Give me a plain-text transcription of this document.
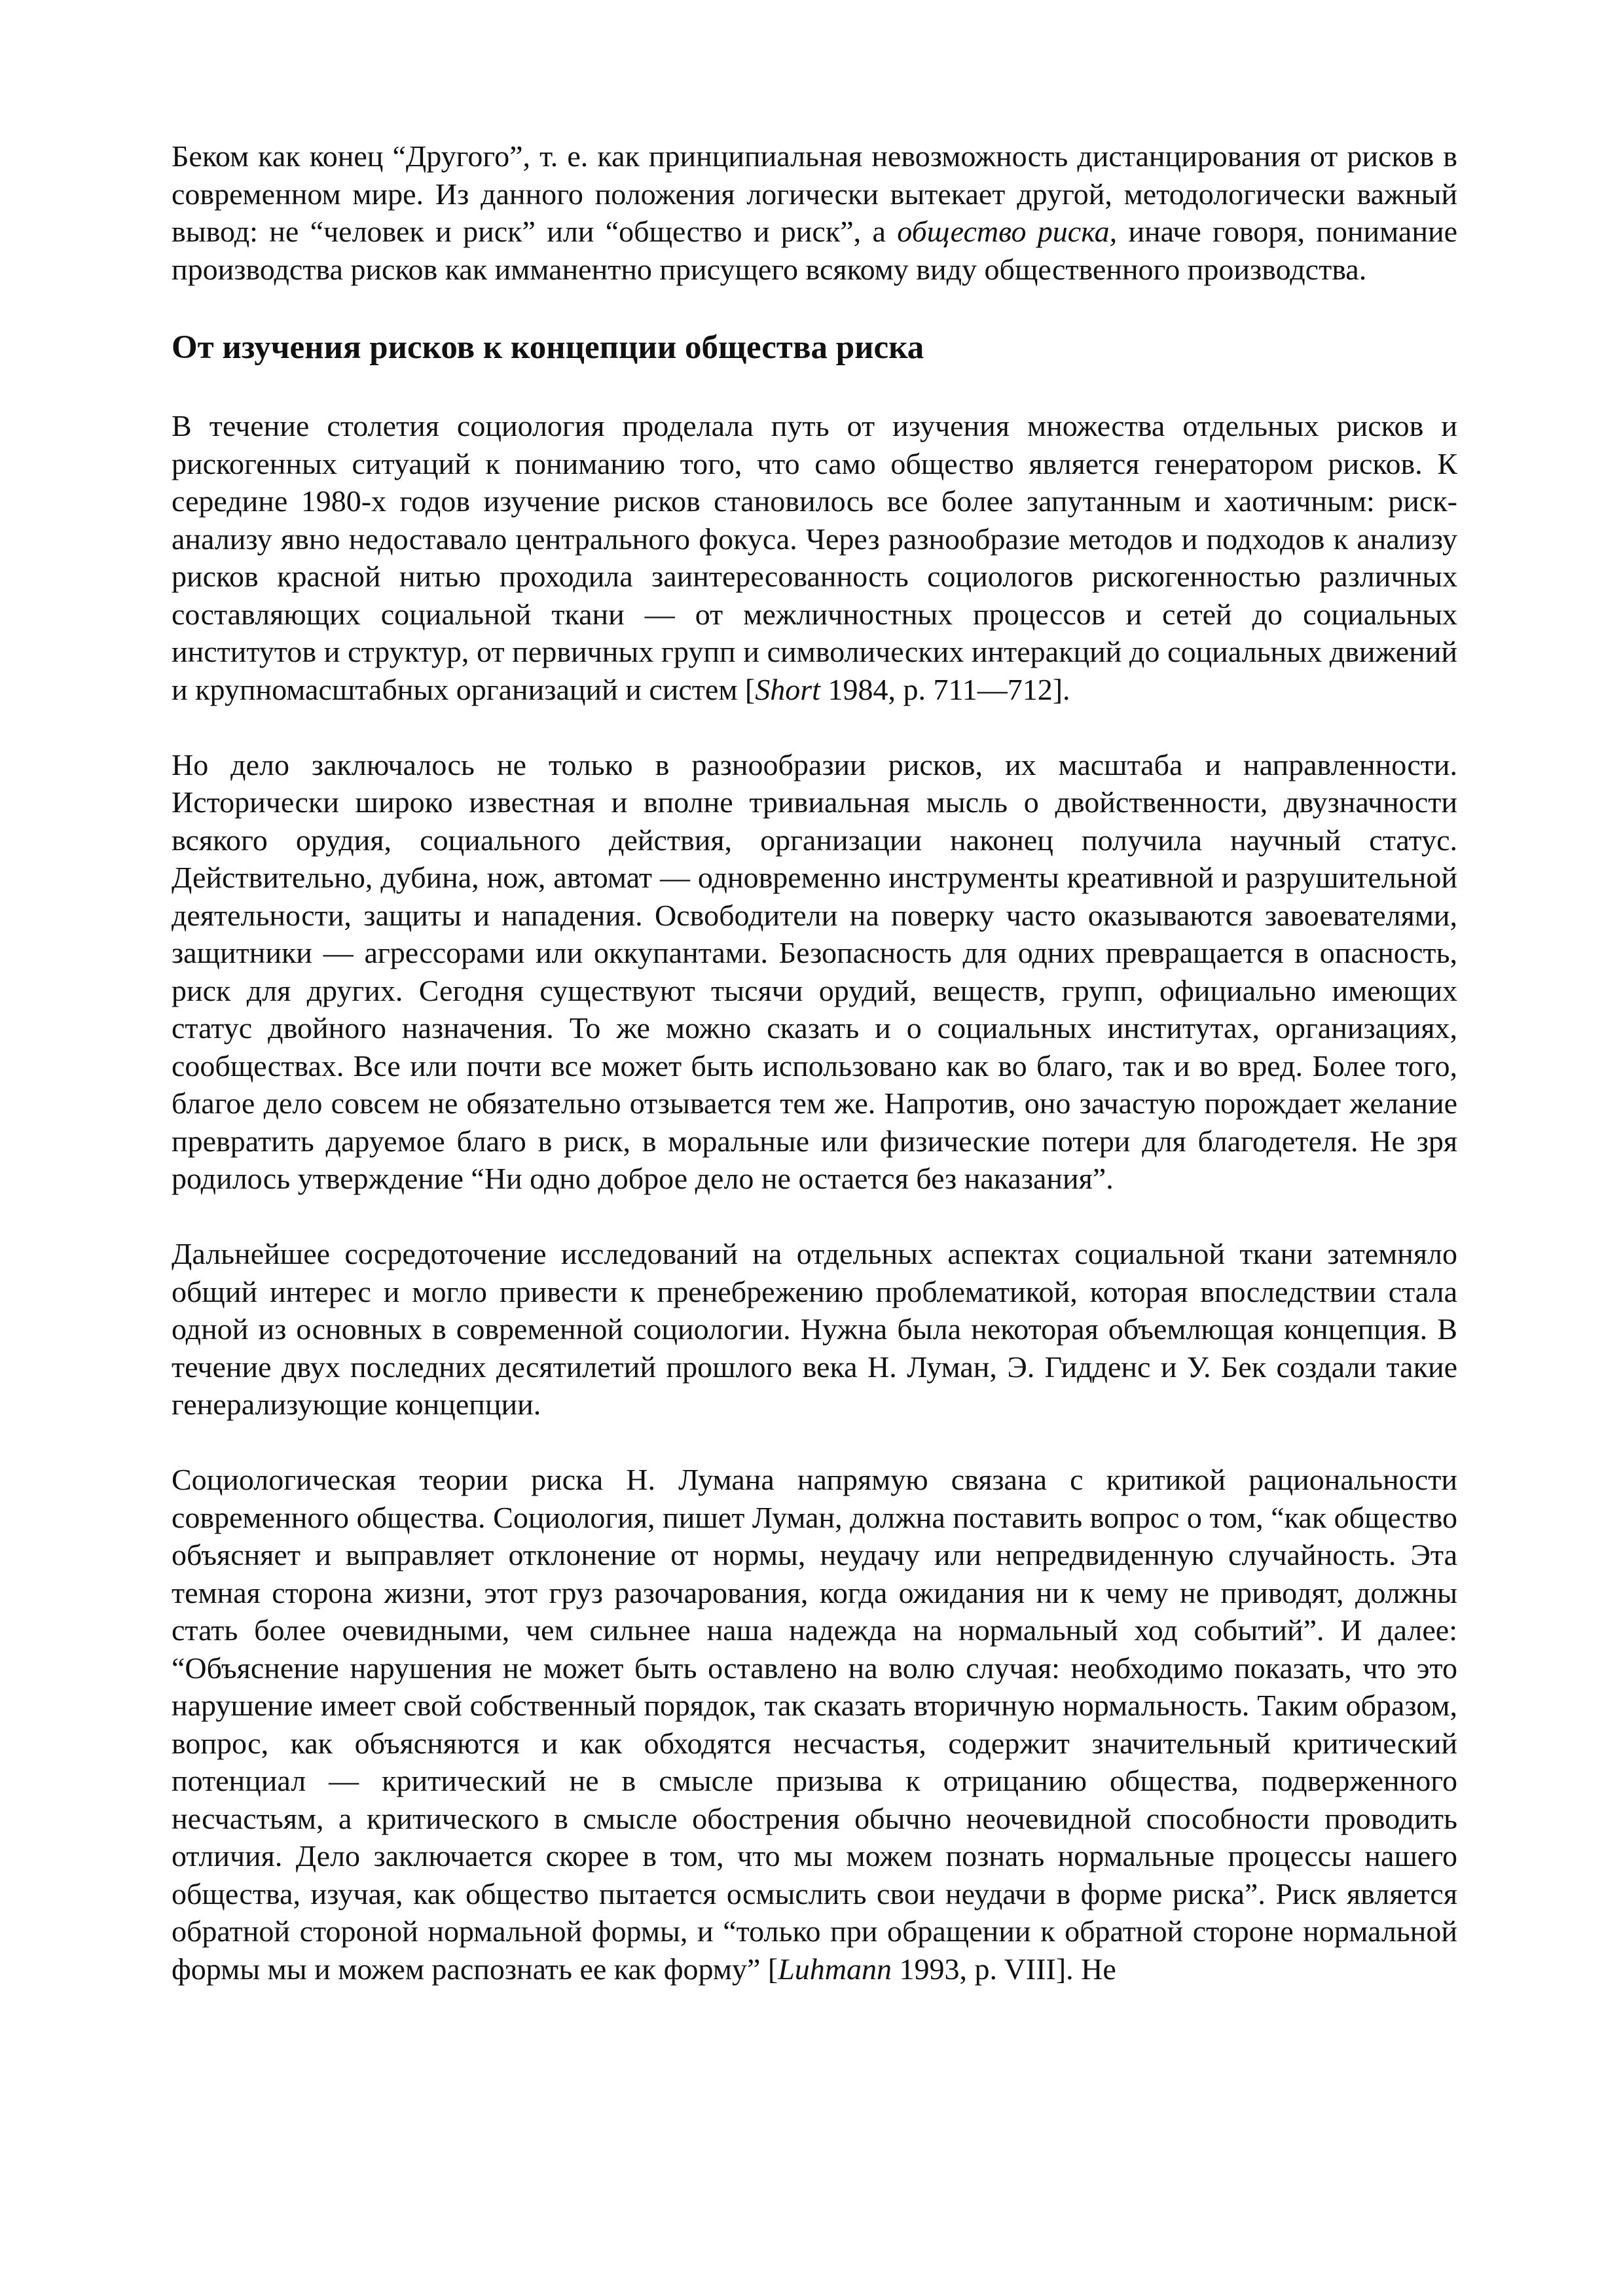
Беком как конец “Другого”, т. е. как принципиальная невозможность дистанцирования от рисков в современном мире. Из данного положения логически вытекает другой, методологически важный вывод: не “человек и риск” или “общество и риск”, а общество риска, иначе говоря, понимание производства рисков как имманентно присущего всякому виду общественного производства.

От изучения рисков к концепции общества риска

В течение столетия социология проделала путь от изучения множества отдельных рисков и рискогенных ситуаций к пониманию того, что само общество является генератором рисков. К середине 1980-х годов изучение рисков становилось все более запутанным и хаотичным: риск-анализу явно недоставало центрального фокуса. Через разнообразие методов и подходов к анализу рисков красной нитью проходила заинтересованность социологов рискогенностью различных составляющих социальной ткани — от межличностных процессов и сетей до социальных институтов и структур, от первичных групп и символических интеракций до социальных движений и крупномасштабных организаций и систем [Short 1984, p. 711—712].

Но дело заключалось не только в разнообразии рисков, их масштаба и направленности. Исторически широко известная и вполне тривиальная мысль о двойственности, двузначности всякого орудия, социального действия, организации наконец получила научный статус. Действительно, дубина, нож, автомат — одновременно инструменты креативной и разрушительной деятельности, защиты и нападения. Освободители на поверку часто оказываются завоевателями, защитники — агрессорами или оккупантами. Безопасность для одних превращается в опасность, риск для других. Сегодня существуют тысячи орудий, веществ, групп, официально имеющих статус двойного назначения. То же можно сказать и о социальных институтах, организациях, сообществах. Все или почти все может быть использовано как во благо, так и во вред. Более того, благое дело совсем не обязательно отзывается тем же. Напротив, оно зачастую порождает желание превратить даруемое благо в риск, в моральные или физические потери для благодетеля. Не зря родилось утверждение “Ни одно доброе дело не остается без наказания”.

Дальнейшее сосредоточение исследований на отдельных аспектах социальной ткани затемняло общий интерес и могло привести к пренебрежению проблематикой, которая впоследствии стала одной из основных в современной социологии. Нужна была некоторая объемлющая концепция. В течение двух последних десятилетий прошлого века Н. Луман, Э. Гидденс и У. Бек создали такие генерализующие концепции.

Социологическая теории риска Н. Лумана напрямую связана с критикой рациональности современного общества. Социология, пишет Луман, должна поставить вопрос о том, “как общество объясняет и выправляет отклонение от нормы, неудачу или непредвиденную случайность. Эта темная сторона жизни, этот груз разочарования, когда ожидания ни к чему не приводят, должны стать более очевидными, чем сильнее наша надежда на нормальный ход событий”. И далее: “Объяснение нарушения не может быть оставлено на волю случая: необходимо показать, что это нарушение имеет свой собственный порядок, так сказать вторичную нормальность. Таким образом, вопрос, как объясняются и как обходятся несчастья, содержит значительный критический потенциал — критический не в смысле призыва к отрицанию общества, подверженного несчастьям, а критического в смысле обострения обычно неочевидной способности проводить отличия. Дело заключается скорее в том, что мы можем познать нормальные процессы нашего общества, изучая, как общество пытается осмыслить свои неудачи в форме риска”. Риск является обратной стороной нормальной формы, и “только при обращении к обратной стороне нормальной формы мы и можем распознать ее как форму” [Luhmann 1993, p. VIII]. Не
